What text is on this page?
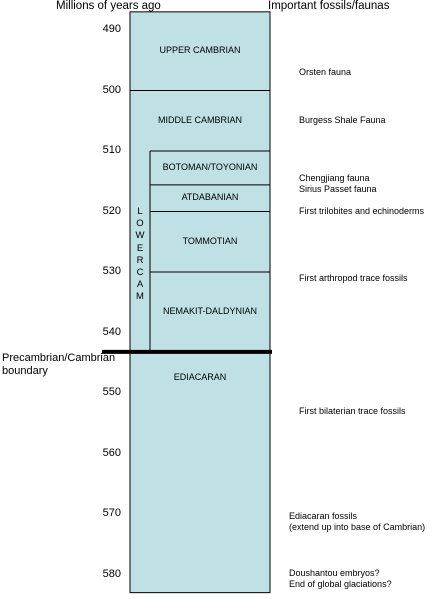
Millions of years ago	Important fossils/faunas
490
500
510
520
530
540
550
560
570
580
UPPER CAMBRIAN
MIDDLE CAMBRIAN
BOTOMAN/TOYONIAN
ATDABANIAN
TOMMOTIAN
NEMAKIT-DALDYNIAN
EDIACARAN
L
O
W
E
R
C
A
M
Orsten fauna
Burgess Shale Fauna
Chengjiang fauna
Sirius Passet fauna
First trilobites and echinoderms
First arthropod trace fossils
First bilaterian trace fossils
Ediacaran fossils
(extend up into base of Cambrian)
Doushantou embryos?
End of global glaciations?
Precambrian/Cambrian
boundary
